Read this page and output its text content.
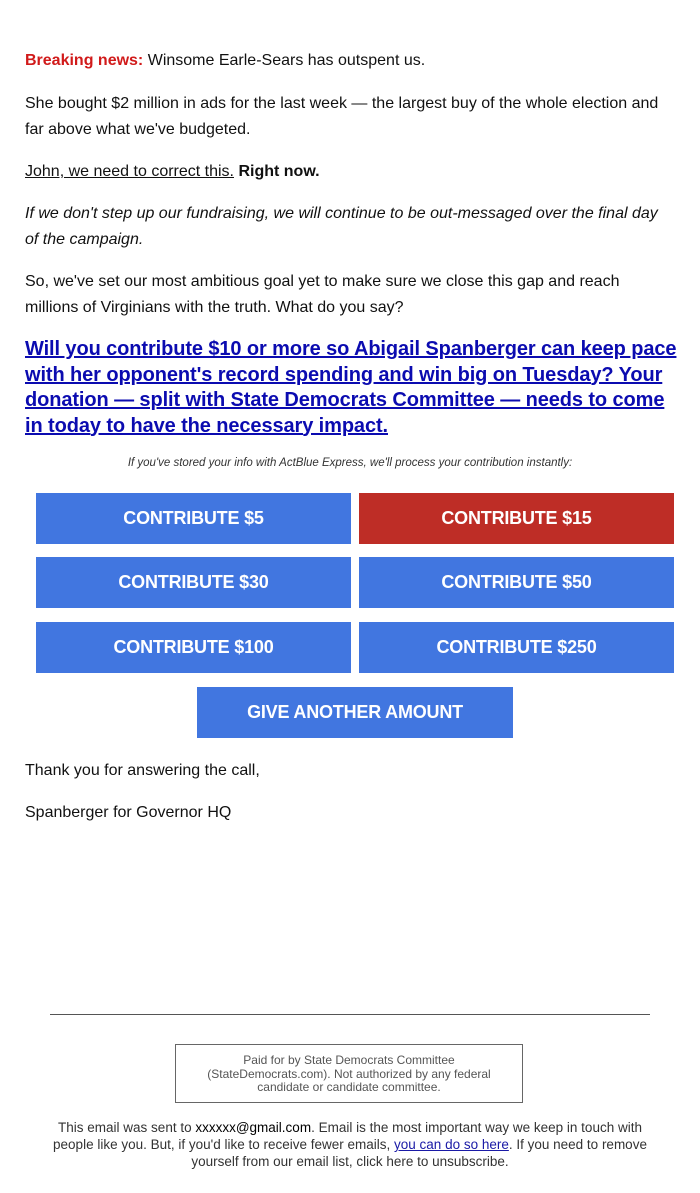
Breaking news: Winsome Earle-Sears has outspent us.

She bought $2 million in ads for the last week — the largest buy of the whole election and far above what we've budgeted.

John, we need to correct this. Right now.

If we don't step up our fundraising, we will continue to be out-messaged over the final day of the campaign.

So, we've set our most ambitious goal yet to make sure we close this gap and reach millions of Virginians with the truth. What do you say?

Will you contribute $10 or more so Abigail Spanberger can keep pace with her opponent's record spending and win big on Tuesday? Your donation — split with State Democrats Committee — needs to come in today to have the necessary impact.
If you've stored your info with ActBlue Express, we'll process your contribution instantly:
CONTRIBUTE $5	CONTRIBUTE $15
CONTRIBUTE $30	CONTRIBUTE $50
CONTRIBUTE $100	CONTRIBUTE $250
GIVE ANOTHER AMOUNT
Thank you for answering the call,
Spanberger for Governor HQ
Paid for by State Democrats Committee
(StateDemocrats.com). Not authorized by any federal
candidate or candidate committee.
This email was sent to xxxxxx@gmail.com. Email is the most important way we keep in touch with people like you. But, if you'd like to receive fewer emails, you can do so here. If you need to remove yourself from our email list, click here to unsubscribe.
